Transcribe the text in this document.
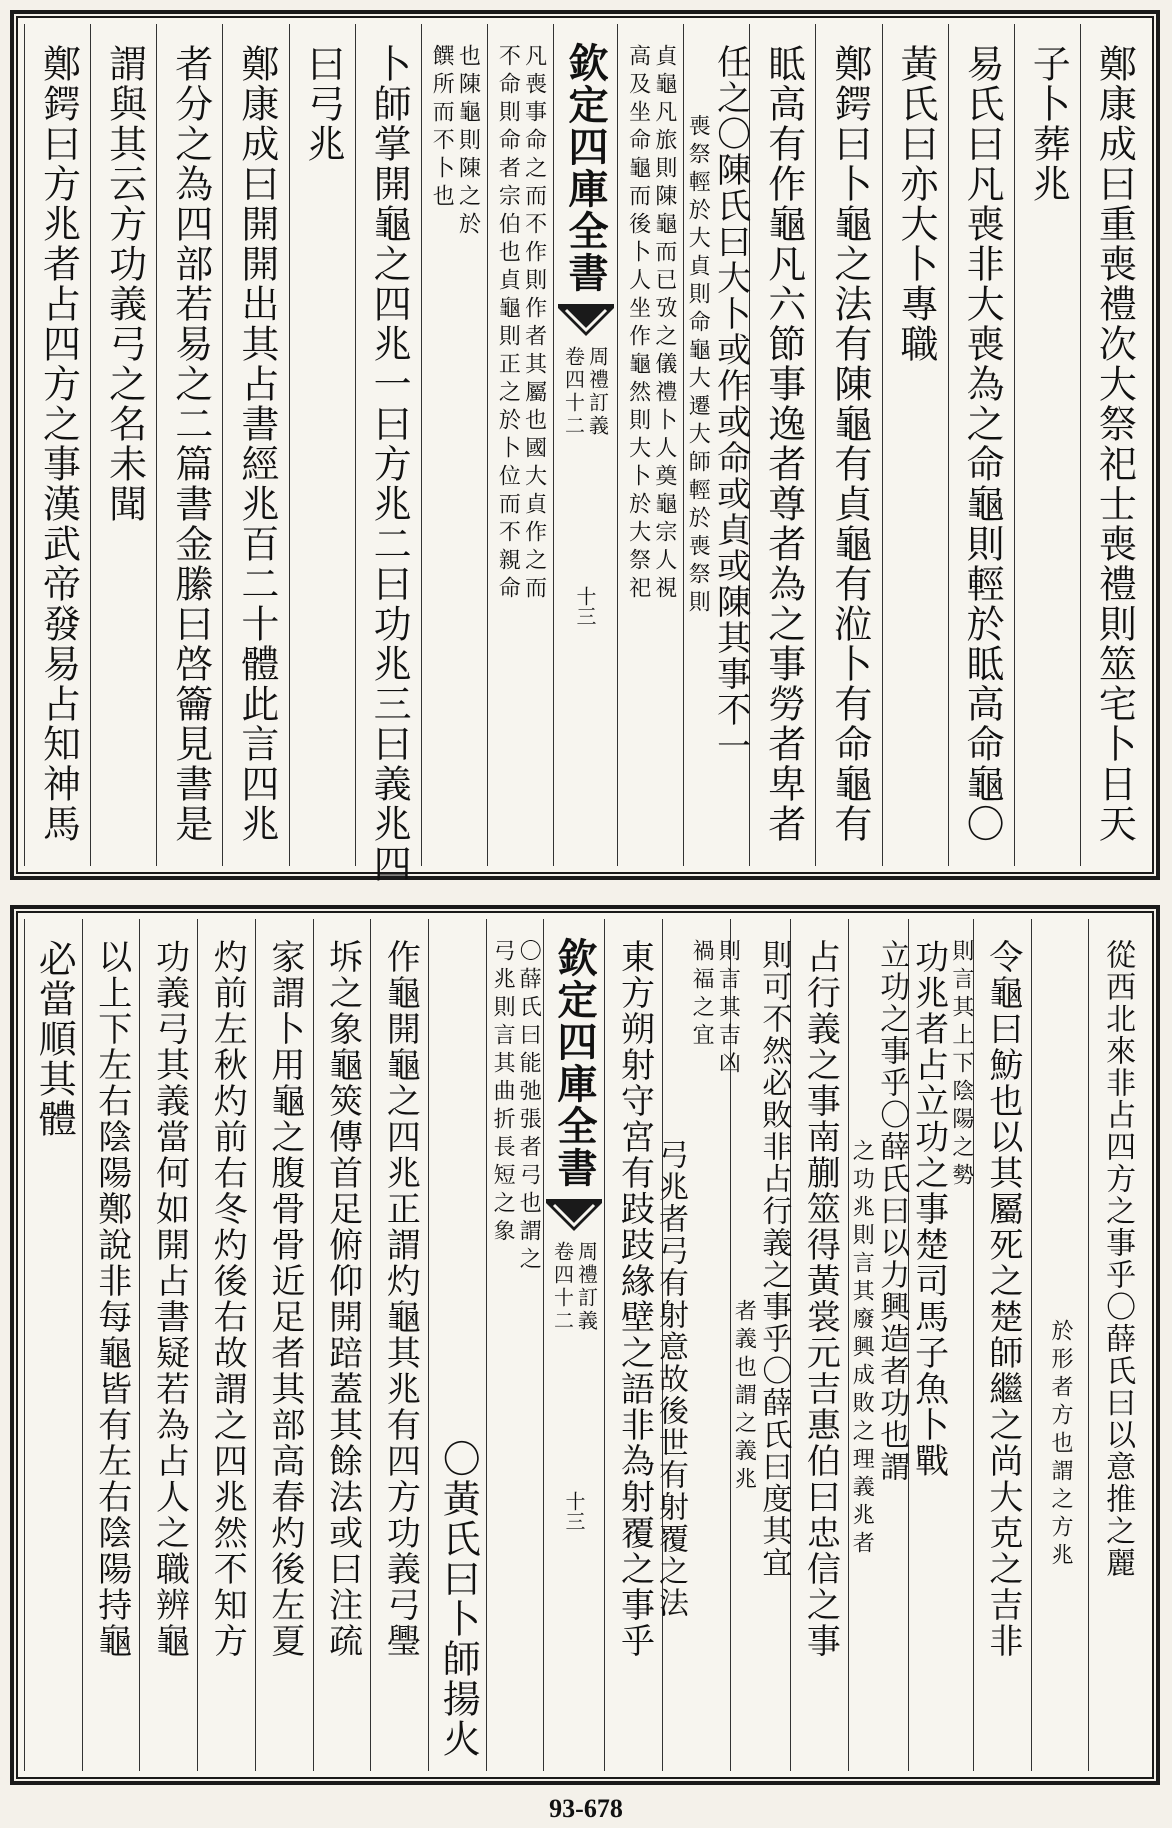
鄭康成曰重喪禮次大祭祀士喪禮則筮宅卜日天
子卜葬兆
易氏曰凡喪非大喪為之命龜則輕於眡高命龜〇
黃氏曰亦大卜專職
鄭鍔曰卜龜之法有陳龜有貞龜有涖卜有命龜有
眡高有作龜凡六節事逸者尊者為之事勞者卑者
任之〇陳氏曰大卜或作或命或貞或陳其事不一
喪祭輕於大貞則命龜大遷大師輕於喪祭則
貞龜凡旅則陳龜而已攷之儀禮卜人奠龜宗人視
高及坐命龜而後卜人坐作龜然則大卜於大祭祀
欽定四庫全書
周禮訂義
卷四十二
十三
凡喪事命之而不作則作者其屬也國大貞作之而
不命則命者宗伯也貞龜則正之於卜位而不親命
也陳龜則陳之於
饌所而不卜也
卜師掌開龜之四兆一曰方兆二曰功兆三曰義兆四
曰弓兆
鄭康成曰開開出其占書經兆百二十體此言四兆
者分之為四部若易之二篇書金縢曰啓籥見書是
謂與其云方功義弓之名未聞
鄭鍔曰方兆者占四方之事漢武帝發易占知神馬
從西北來非占四方之事乎〇薛氏曰以意推之麗
於形者方也謂之方兆
令龜曰魴也以其屬死之楚師繼之尚大克之吉非
則言其上下陰陽之勢
功兆者占立功之事楚司馬子魚卜戰
立功之事乎〇薛氏曰以力興造者功也謂
之功兆則言其廢興成敗之理義兆者
占行義之事南蒯筮得黃裳元吉惠伯曰忠信之事
則可不然必敗非占行義之事乎〇薛氏曰度其宜
者義也謂之義兆
則言其吉凶
禍福之宜
弓兆者弓有射意故後世有射覆之法
東方朔射守宮有跂跂緣壁之語非為射覆之事乎
欽定四庫全書
周禮訂義
卷四十二
十三
〇薛氏曰能弛張者弓也謂之
弓兆則言其曲折長短之象
〇黃氏曰卜師揚火
作龜開龜之四兆正謂灼龜其兆有四方功義弓璺
坼之象龜筴傳首足俯仰開踣蓋其餘法或曰注疏
家謂卜用龜之腹骨骨近足者其部高春灼後左夏
灼前左秋灼前右冬灼後右故謂之四兆然不知方
功義弓其義當何如開占書疑若為占人之職辨龜
以上下左右陰陽鄭說非每龜皆有左右陰陽持龜
必當順其體
93-678
